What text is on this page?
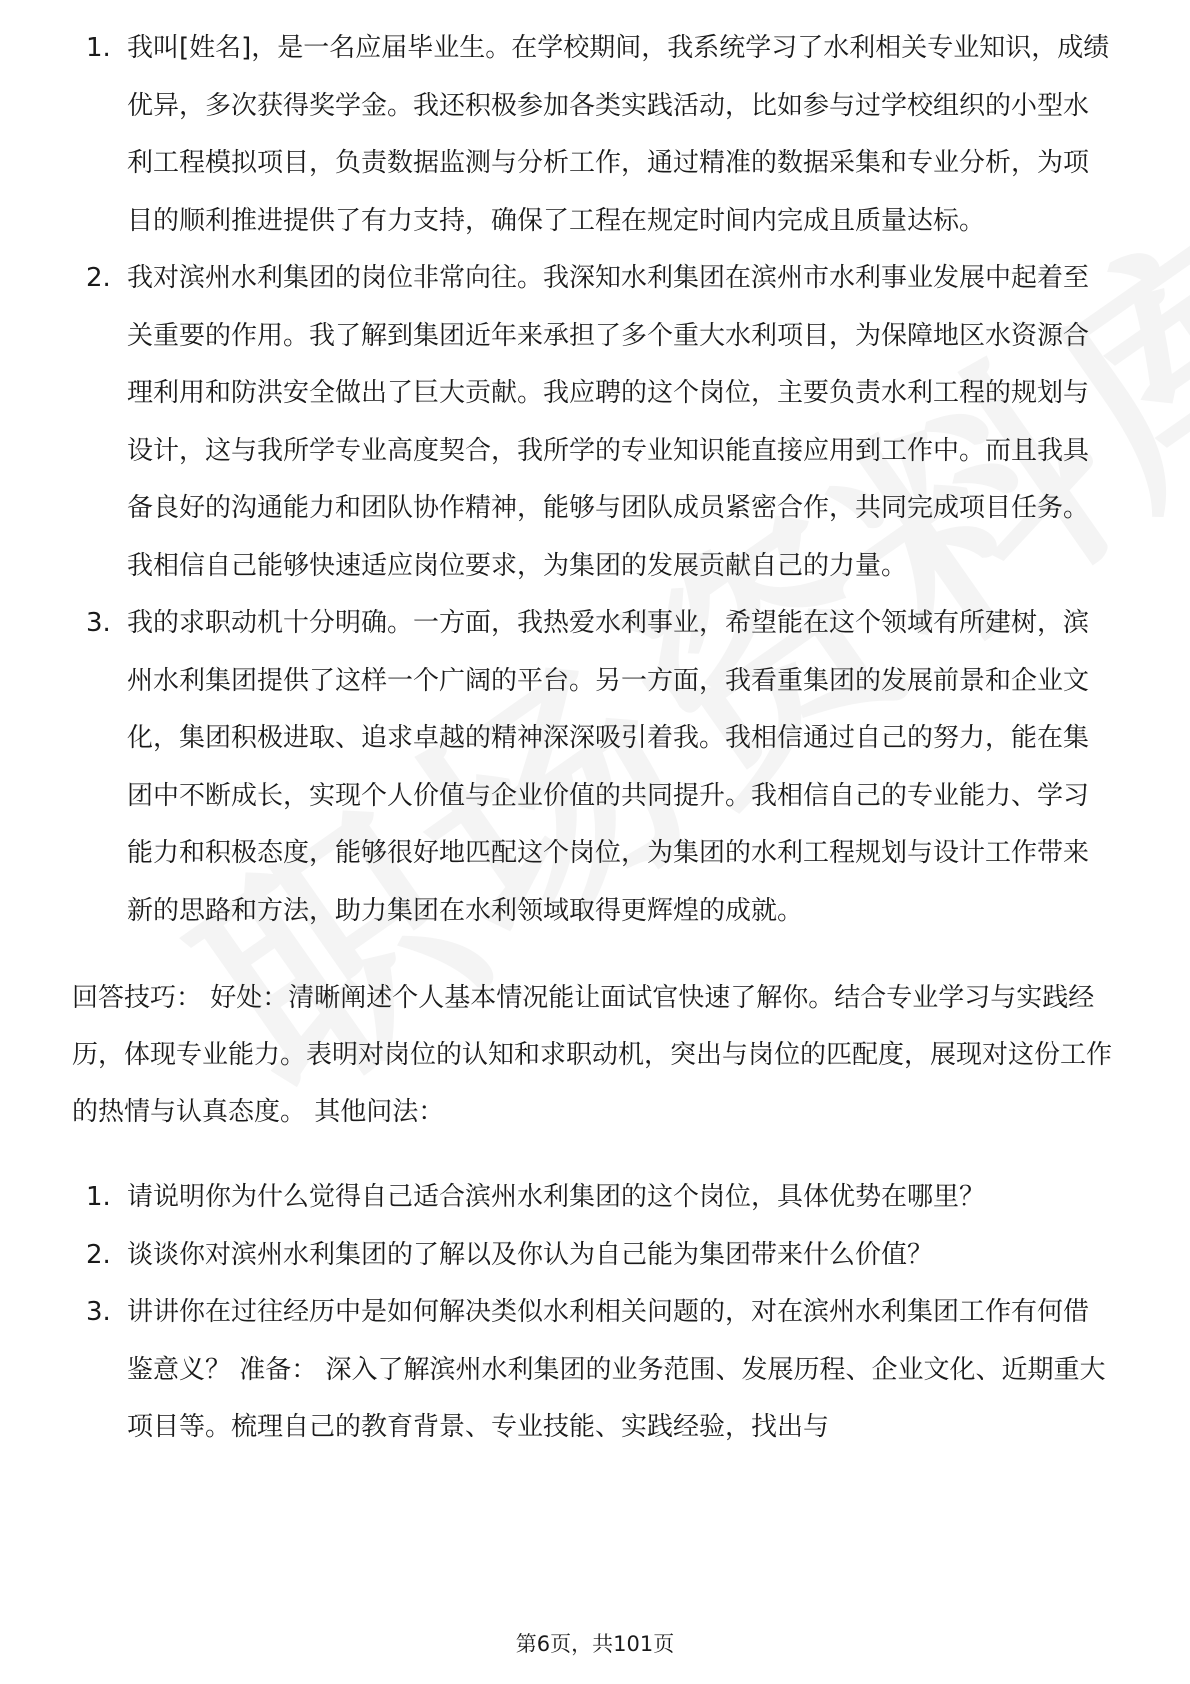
1. 我叫[姓名]，是一名应届毕业生。在学校期间，我系统学习了水利相关专业知识，成绩优异，多次获得奖学金。我还积极参加各类实践活动，比如参与过学校组织的小型水利工程模拟项目，负责数据监测与分析工作，通过精准的数据采集和专业分析，为项目的顺利推进提供了有力支持，确保了工程在规定时间内完成且质量达标。
2. 我对滨州水利集团的岗位非常向往。我深知水利集团在滨州市水利事业发展中起着至关重要的作用。我了解到集团近年来承担了多个重大水利项目，为保障地区水资源合理利用和防洪安全做出了巨大贡献。我应聘的这个岗位，主要负责水利工程的规划与设计，这与我所学专业高度契合，我所学的专业知识能直接应用到工作中。而且我具备良好的沟通能力和团队协作精神，能够与团队成员紧密合作，共同完成项目任务。我相信自己能够快速适应岗位要求，为集团的发展贡献自己的力量。
3. 我的求职动机十分明确。一方面，我热爱水利事业，希望能在这个领域有所建树，滨州水利集团提供了这样一个广阔的平台。另一方面，我看重集团的发展前景和企业文化，集团积极进取、追求卓越的精神深深吸引着我。我相信通过自己的努力，能在集团中不断成长，实现个人价值与企业价值的共同提升。我相信自己的专业能力、学习能力和积极态度，能够很好地匹配这个岗位，为集团的水利工程规划与设计工作带来新的思路和方法，助力集团在水利领域取得更辉煌的成就。
回答技巧： 好处：清晰阐述个人基本情况能让面试官快速了解你。结合专业学习与实践经历，体现专业能力。表明对岗位的认知和求职动机，突出与岗位的匹配度，展现对这份工作的热情与认真态度。 其他问法：
1. 请说明你为什么觉得自己适合滨州水利集团的这个岗位，具体优势在哪里？
2. 谈谈你对滨州水利集团的了解以及你认为自己能为集团带来什么价值？
3. 讲讲你在过往经历中是如何解决类似水利相关问题的，对在滨州水利集团工作有何借鉴意义？ 准备： 深入了解滨州水利集团的业务范围、发展历程、企业文化、近期重大项目等。梳理自己的教育背景、专业技能、实践经验，找出与
第6页，共101页
